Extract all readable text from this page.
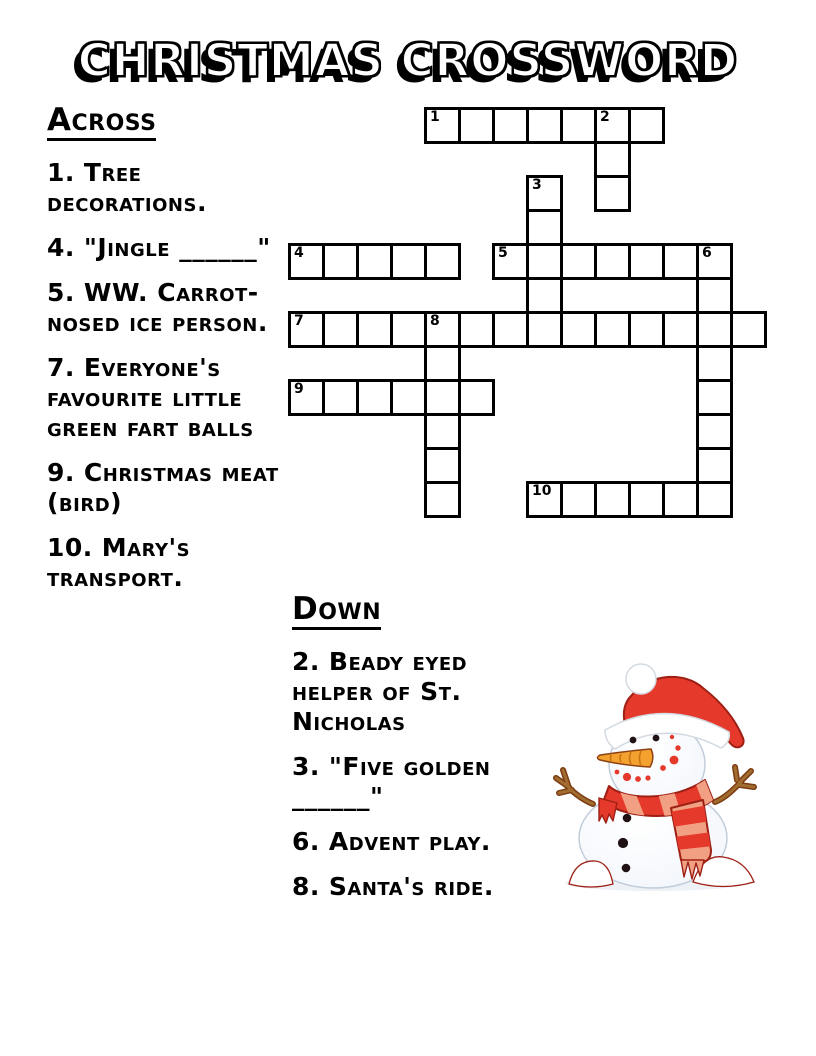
CHRISTMAS CROSSWORD
Across

1. Tree decorations.

4. "Jingle ______"

5. WW. Carrot-nosed ice person.

7. Everyone's favourite little green fart balls

9. Christmas meat (bird)

10. Mary's transport.

Down

2. Beady eyed helper of St. Nicholas

3. "Five golden ______"

6. Advent play.

8. Santa's ride.

1	2
3
4	5	6
7	8
9
10
